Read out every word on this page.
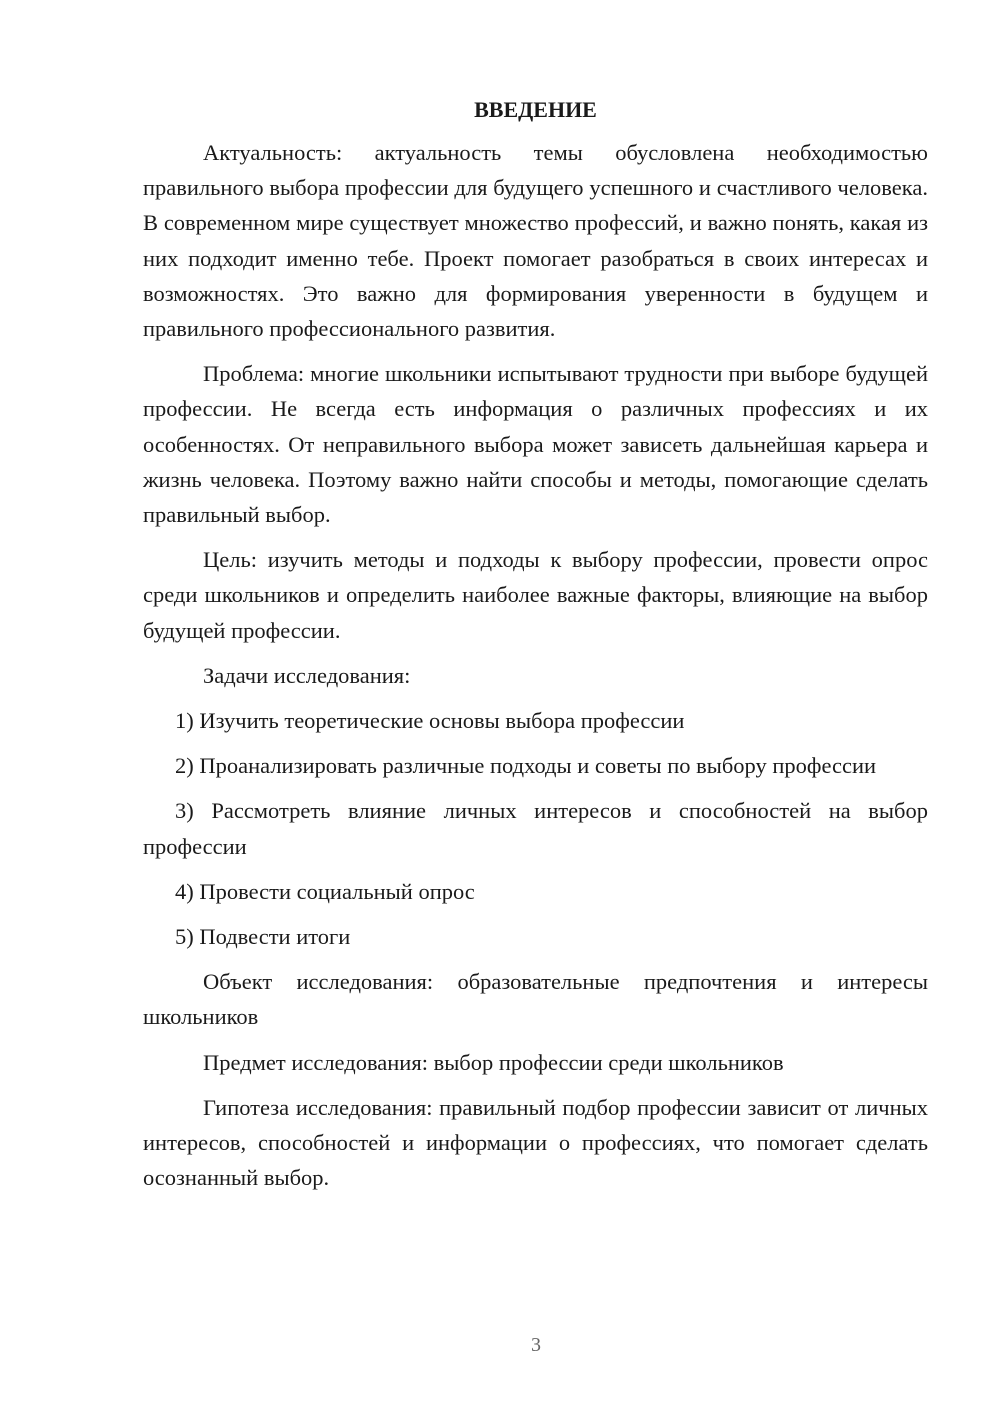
ВВЕДЕНИЕ

Актуальность: актуальность темы обусловлена необходимостью правильного выбора профессии для будущего успешного и счастливого человека. В современном мире существует множество профессий, и важно понять, какая из них подходит именно тебе. Проект помогает разобраться в своих интересах и возможностях. Это важно для формирования уверенности в будущем и правильного профессионального развития.

Проблема: многие школьники испытывают трудности при выборе будущей профессии. Не всегда есть информация о различных профессиях и их особенностях. От неправильного выбора может зависеть дальнейшая карьера и жизнь человека. Поэтому важно найти способы и методы, помогающие сделать правильный выбор.

Цель: изучить методы и подходы к выбору профессии, провести опрос среди школьников и определить наиболее важные факторы, влияющие на выбор будущей профессии.

Задачи исследования:

1) Изучить теоретические основы выбора профессии

2) Проанализировать различные подходы и советы по выбору профессии

3) Рассмотреть влияние личных интересов и способностей на выбор профессии

4) Провести социальный опрос

5) Подвести итоги

Объект исследования: образовательные предпочтения и интересы школьников

Предмет исследования: выбор профессии среди школьников

Гипотеза исследования: правильный подбор профессии зависит от личных интересов, способностей и информации о профессиях, что помогает сделать осознанный выбор.

3
